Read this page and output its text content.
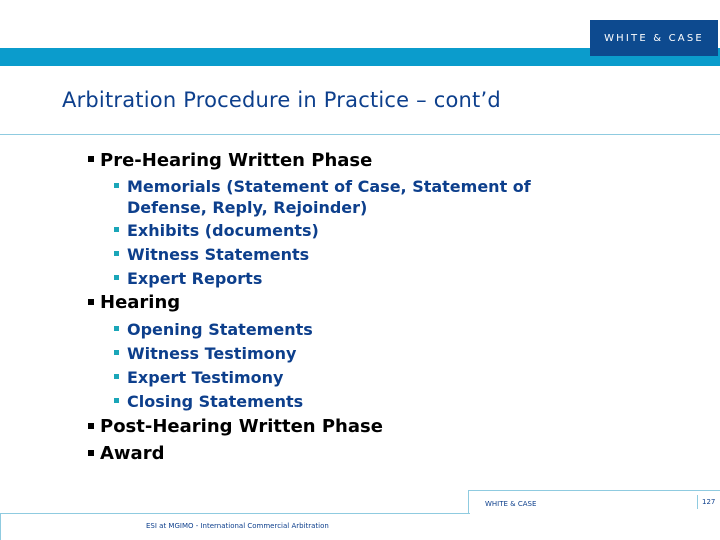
WHITE & CASE
Arbitration Procedure in Practice – cont’d
Pre-Hearing Written Phase
Memorials (Statement of Case, Statement of
Defense, Reply, Rejoinder)
Exhibits (documents)
Witness Statements
Expert Reports
Hearing
Opening Statements
Witness Testimony
Expert Testimony
Closing Statements
Post-Hearing Written Phase
Award
WHITE & CASE	127
ESI at MGIMO - International Commercial Arbitration
